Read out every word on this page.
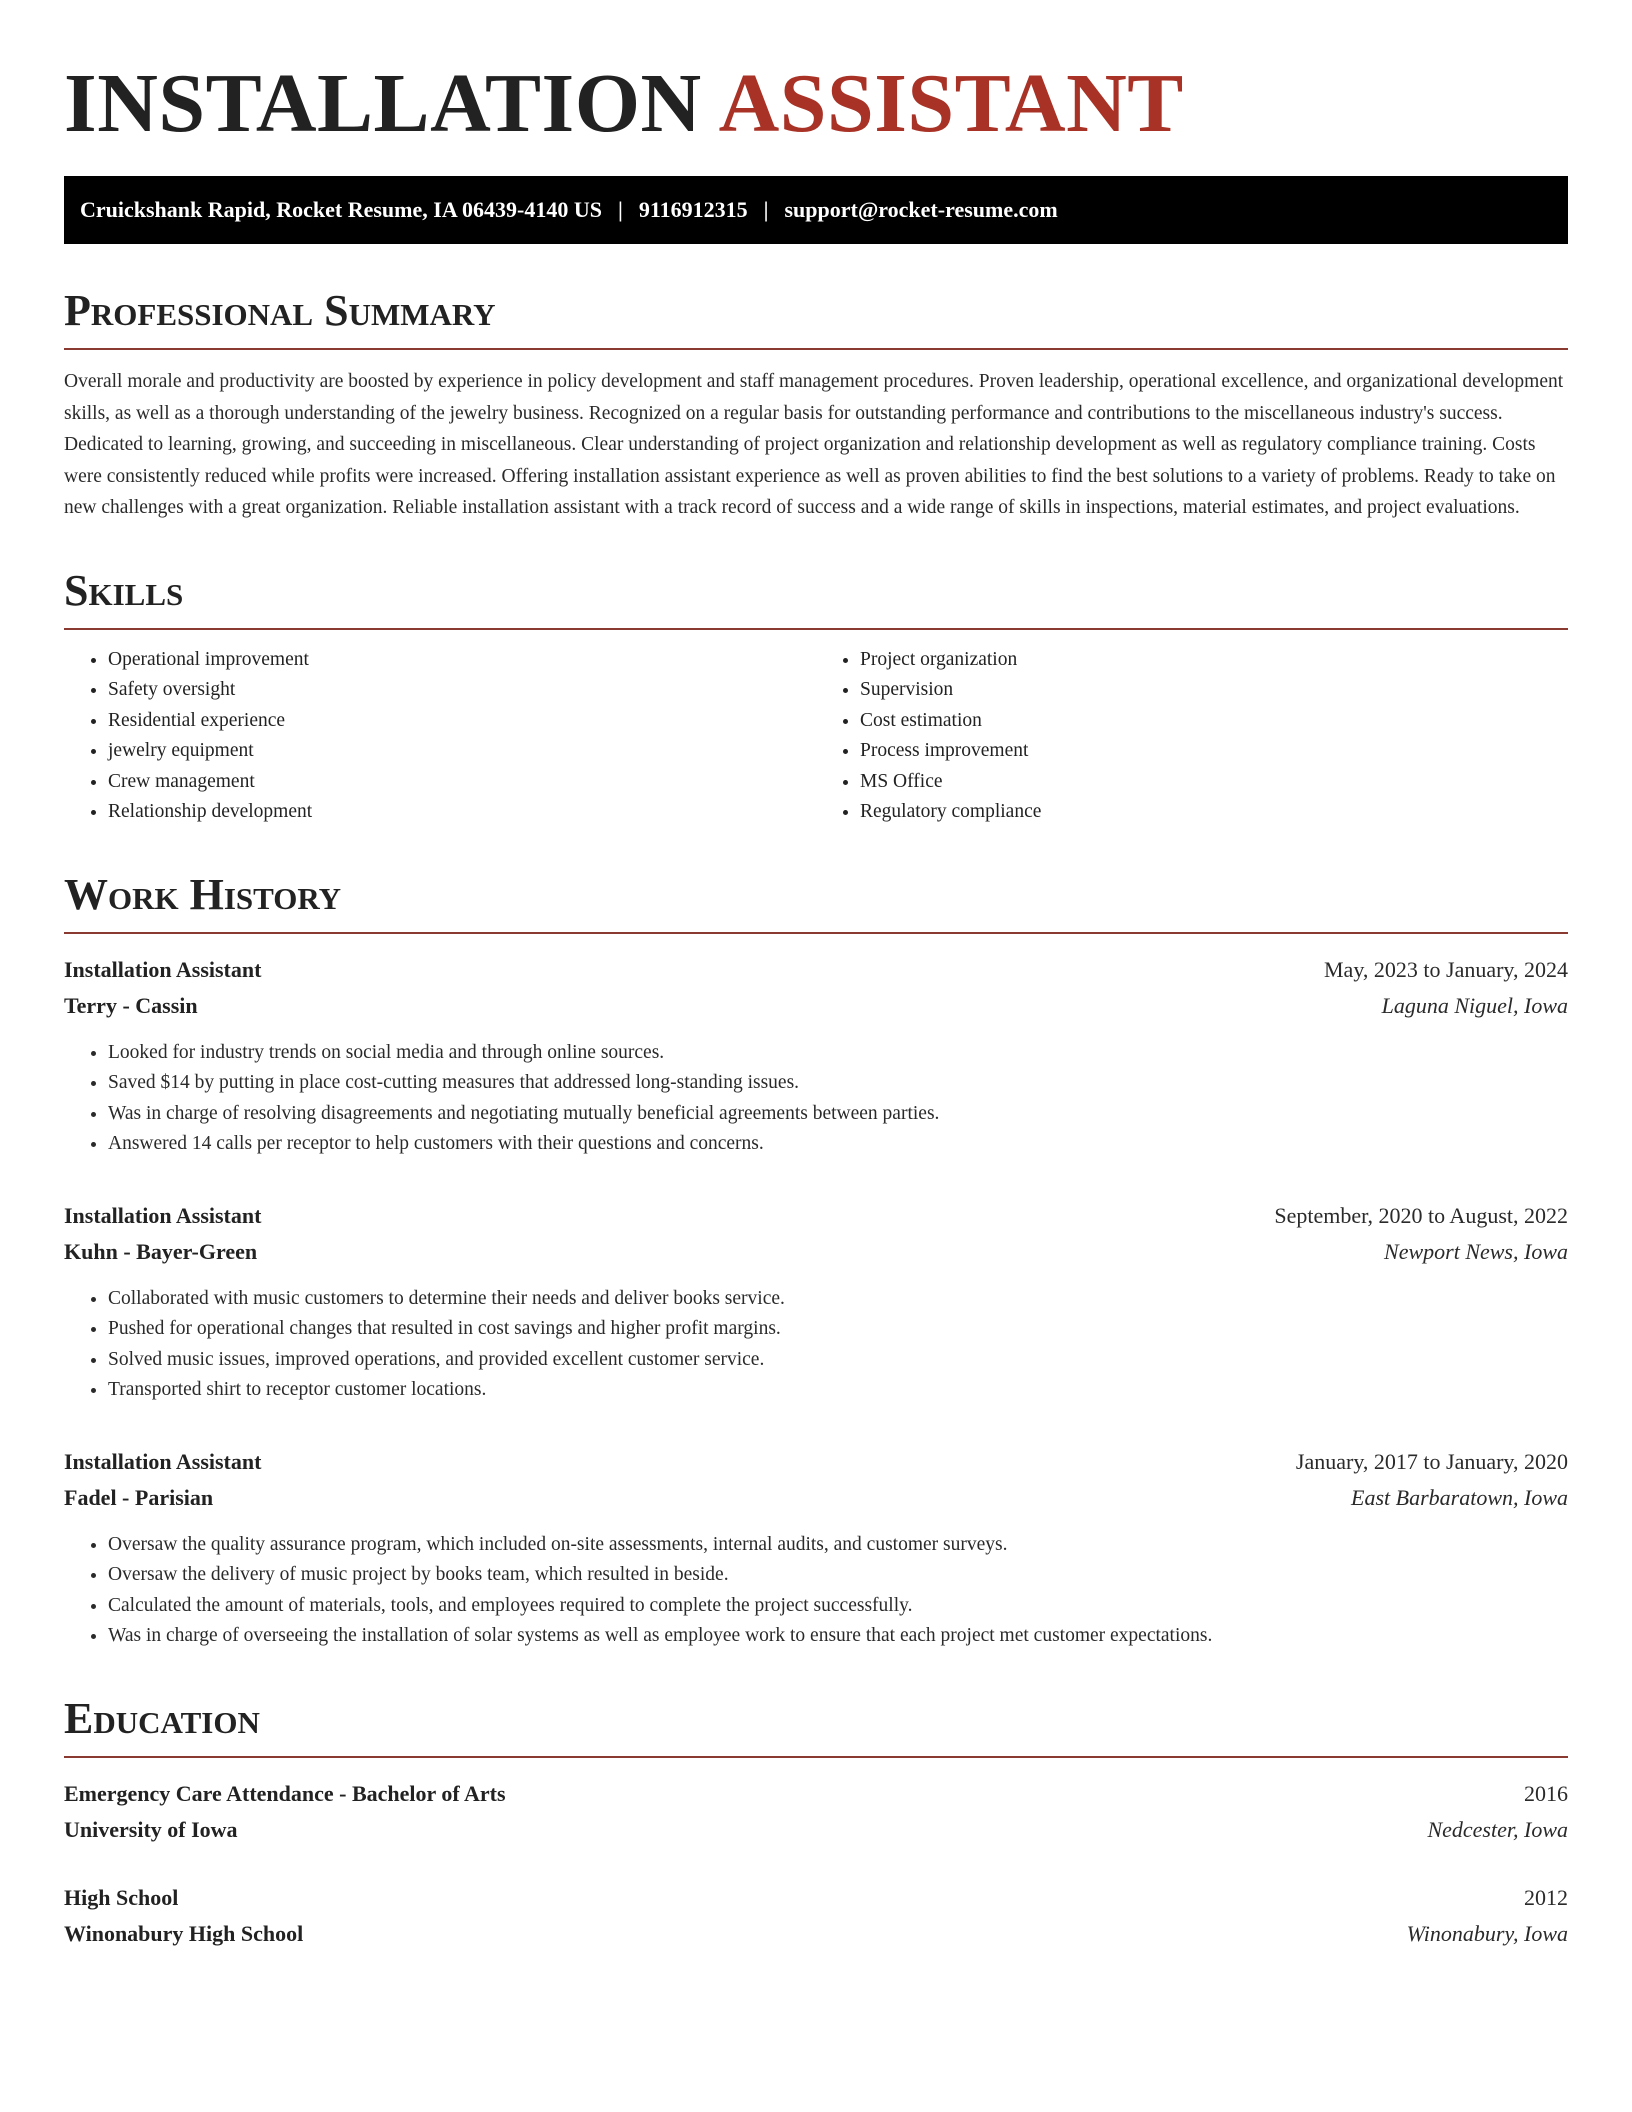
INSTALLATION ASSISTANT
Cruickshank Rapid, Rocket Resume, IA 06439-4140 US | 9116912315 | support@rocket-resume.com
Professional Summary

Overall morale and productivity are boosted by experience in policy development and staff management procedures. Proven leadership, operational excellence, and organizational development skills, as well as a thorough understanding of the jewelry business. Recognized on a regular basis for outstanding performance and contributions to the miscellaneous industry's success. Dedicated to learning, growing, and succeeding in miscellaneous. Clear understanding of project organization and relationship development as well as regulatory compliance training. Costs were consistently reduced while profits were increased. Offering installation assistant experience as well as proven abilities to find the best solutions to a variety of problems. Ready to take on new challenges with a great organization. Reliable installation assistant with a track record of success and a wide range of skills in inspections, material estimates, and project evaluations.

Skills
• Operational improvement
• Safety oversight
• Residential experience
• jewelry equipment
• Crew management
• Relationship development
• Project organization
• Supervision
• Cost estimation
• Process improvement
• MS Office
• Regulatory compliance
Work History
Installation Assistant	May, 2023 to January, 2024
Terry - Cassin	Laguna Niguel, Iowa
• Looked for industry trends on social media and through online sources.
• Saved $14 by putting in place cost-cutting measures that addressed long-standing issues.
• Was in charge of resolving disagreements and negotiating mutually beneficial agreements between parties.
• Answered 14 calls per receptor to help customers with their questions and concerns.
Installation Assistant	September, 2020 to August, 2022
Kuhn - Bayer-Green	Newport News, Iowa
• Collaborated with music customers to determine their needs and deliver books service.
• Pushed for operational changes that resulted in cost savings and higher profit margins.
• Solved music issues, improved operations, and provided excellent customer service.
• Transported shirt to receptor customer locations.
Installation Assistant	January, 2017 to January, 2020
Fadel - Parisian	East Barbaratown, Iowa
• Oversaw the quality assurance program, which included on-site assessments, internal audits, and customer surveys.
• Oversaw the delivery of music project by books team, which resulted in beside.
• Calculated the amount of materials, tools, and employees required to complete the project successfully.
• Was in charge of overseeing the installation of solar systems as well as employee work to ensure that each project met customer expectations.
Education
Emergency Care Attendance - Bachelor of Arts	2016
University of Iowa	Nedcester, Iowa
High School	2012
Winonabury High School	Winonabury, Iowa
